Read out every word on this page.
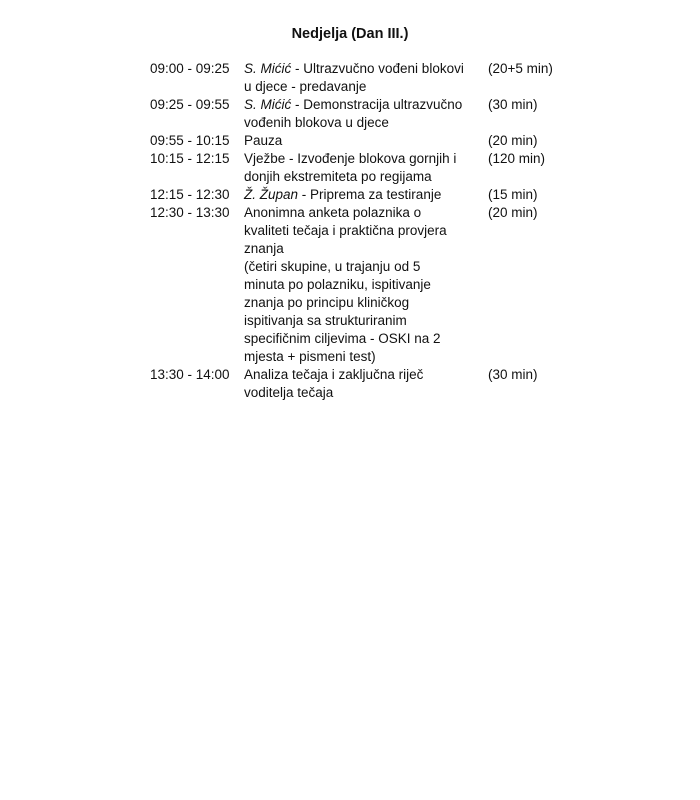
Nedjelja (Dan III.)
09:00 - 09:25	S. Mićić - Ultrazvučno vođeni blokovi
u djece - predavanje
(20+5 min)
09:25 - 09:55	S. Mićić - Demonstracija ultrazvučno
vođenih blokova u djece
(30 min)
09:55 - 10:15	Pauza	(20 min)
10:15 - 12:15	Vježbe - Izvođenje blokova gornjih i
donjih ekstremiteta po regijama
(120 min)
12:15 - 12:30	Ž. Župan - Priprema za testiranje	(15 min)
12:30 - 13:30	Anonimna anketa polaznika o
kvaliteti tečaja i praktična provjera
znanja
(četiri skupine, u trajanju od 5
minuta po polazniku, ispitivanje
znanja po principu kliničkog
ispitivanja sa strukturiranim
specifičnim ciljevima - OSKI na 2
mjesta + pismeni test)
(20 min)
13:30 - 14:00	Analiza tečaja i zaključna riječ
voditelja tečaja
(30 min)
